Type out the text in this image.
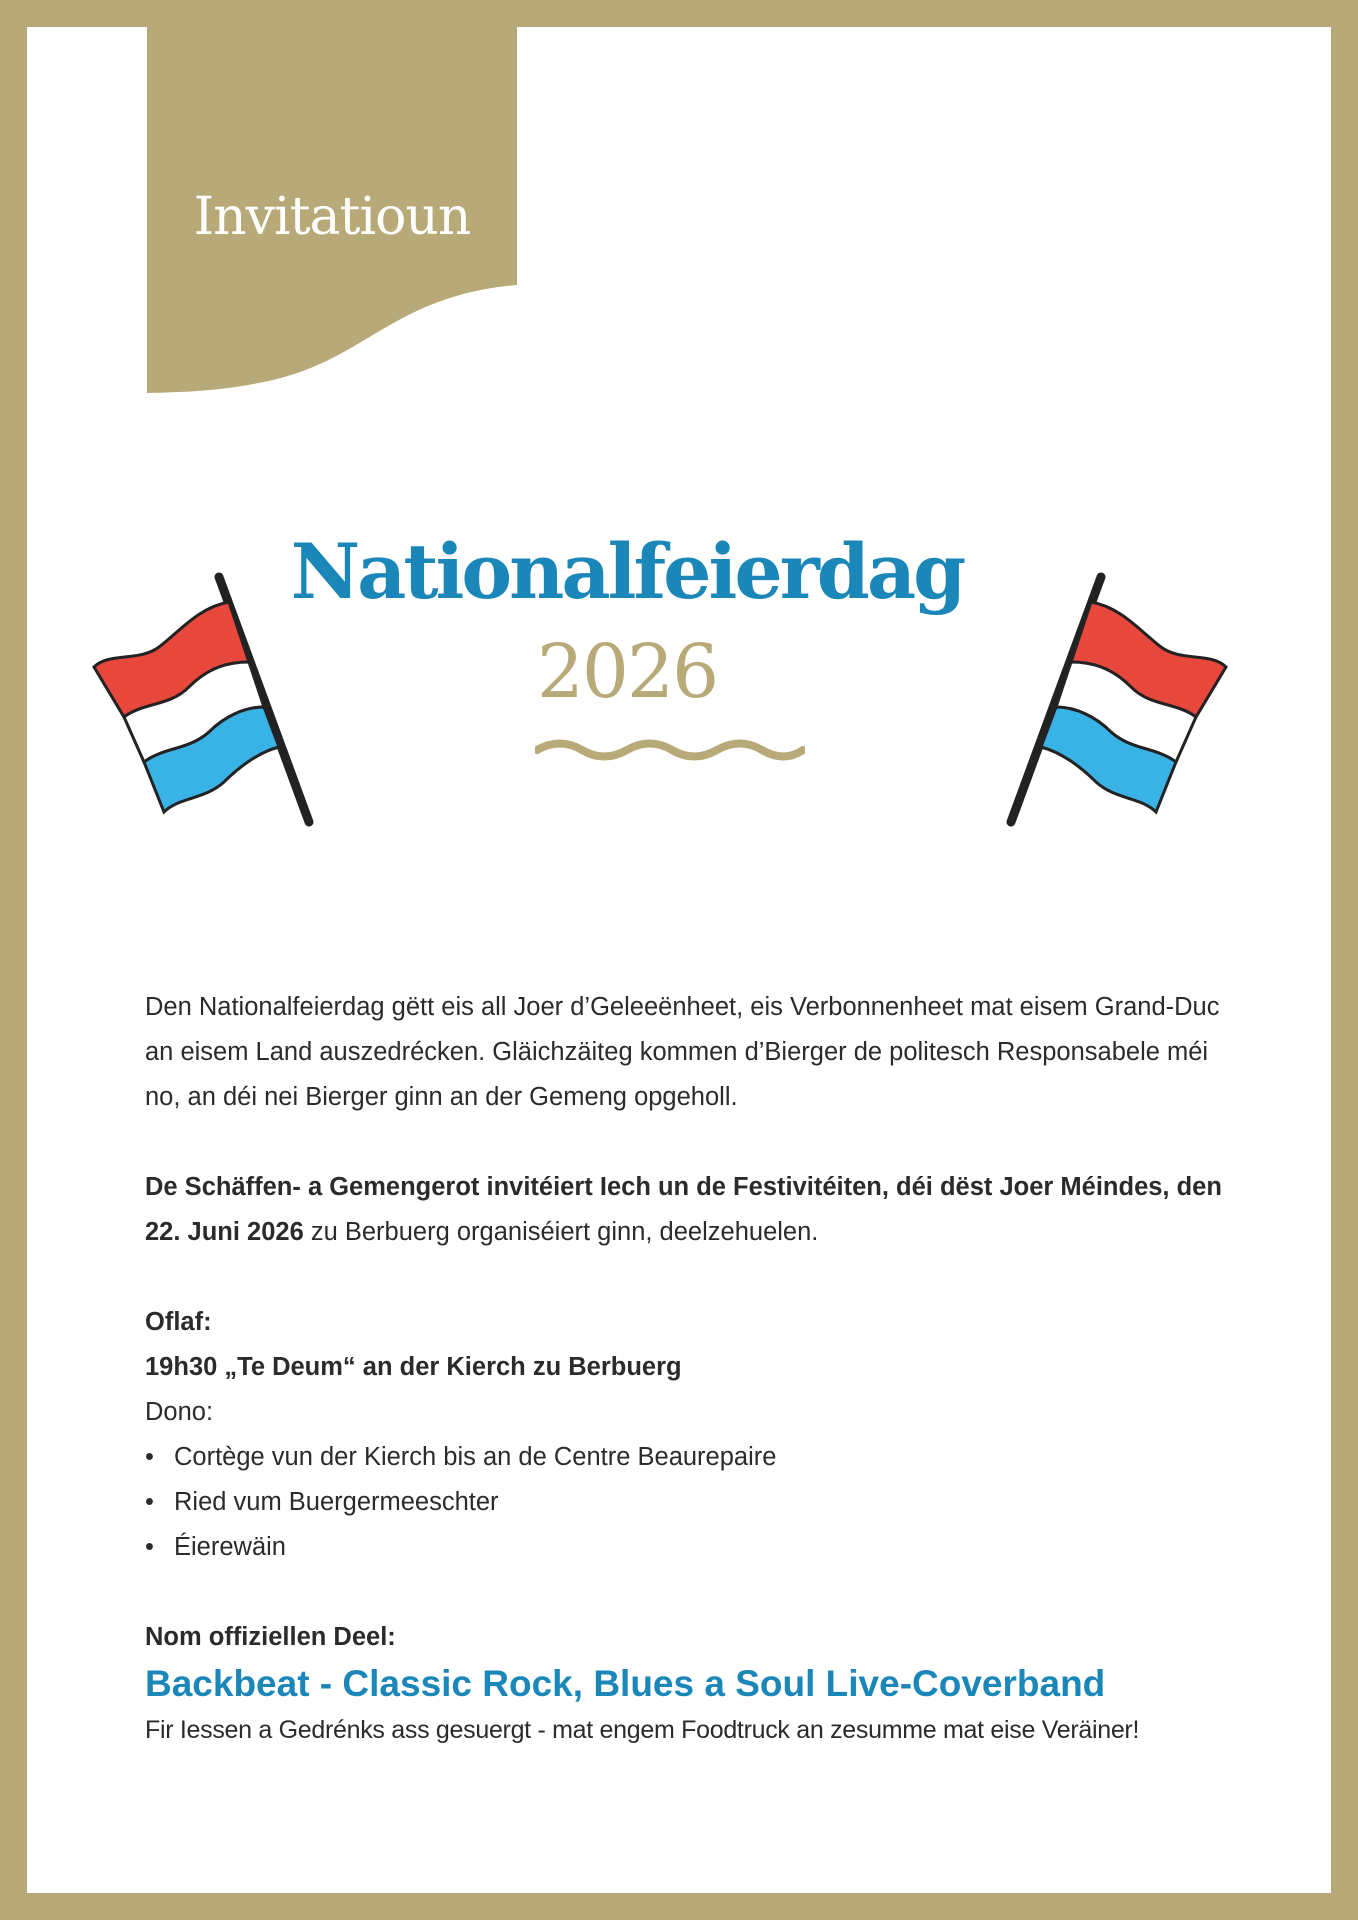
Invitatioun
Nationalfeierdag
2026

Den Nationalfeierdag gëtt eis all Joer d’Geleeënheet, eis Verbonnenheet mat eisem Grand-Duc an eisem Land auszedrécken. Gläichzäiteg kommen d’Bierger de politesch Responsabele méi no, an déi nei Bierger ginn an der Gemeng opgeholl.

De Schäffen- a Gemengerot invitéiert Iech un de Festivitéiten, déi dëst Joer Méindes, den 22. Juni 2026 zu Berbuerg organiséiert ginn, deelzehuelen.

Oflaf:

19h30 „Te Deum“ an der Kierch zu Berbuerg

Dono:

• Cortège vun der Kierch bis an de Centre Beaurepaire
• Ried vum Buergermeeschter
• Éierewäin

Nom offiziellen Deel:

Backbeat - Classic Rock, Blues a Soul Live-Coverband

Fir Iessen a Gedrénks ass gesuergt - mat engem Foodtruck an zesumme mat eise Veräiner!
